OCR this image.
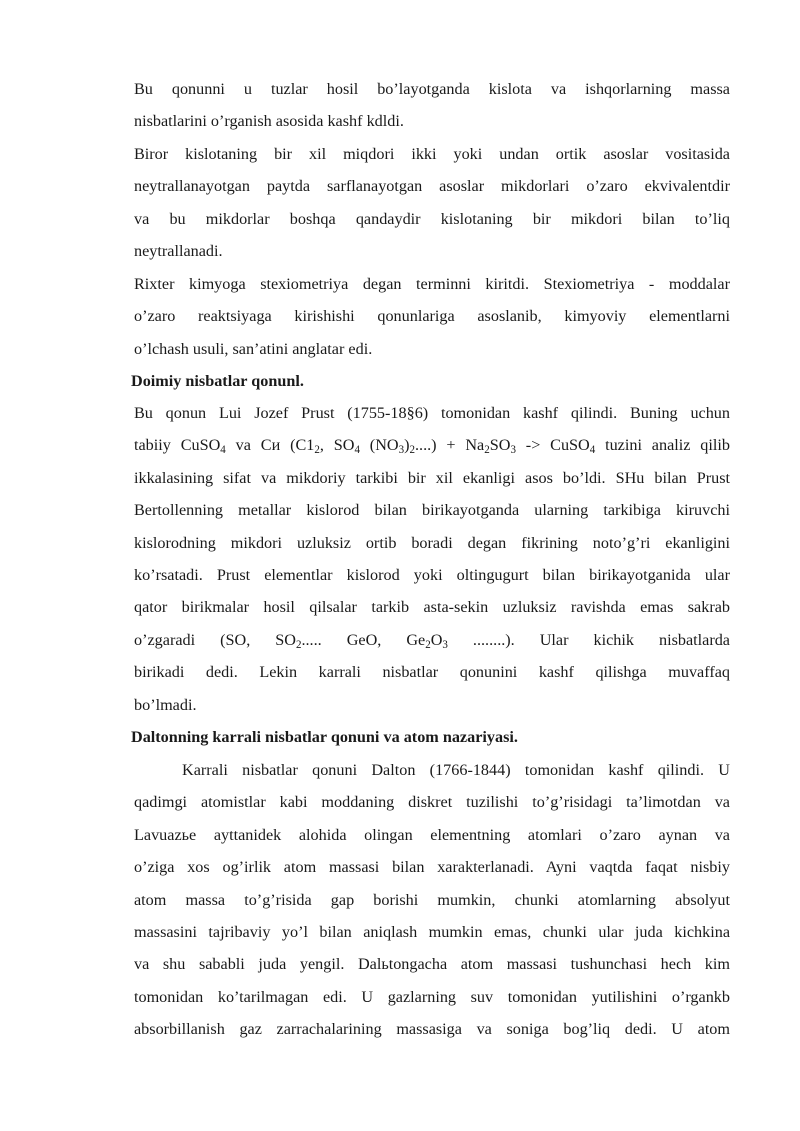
Bu qonunni u tuzlar hosil bo’layotganda kislota va ishqorlarning massa
nisbatlarini o’rganish asosida kashf kdldi.
Biror kislotaning bir xil miqdori ikki yoki undan ortik asoslar vositasida
neytrallanayotgan paytda sarflanayotgan asoslar mikdorlari o’zaro ekvivalentdir
va bu mikdorlar boshqa qandaydir kislotaning bir mikdori bilan to’liq
neytrallanadi.
Rixter kimyoga stexiometriya degan terminni kiritdi. Stexiometriya - moddalar
o’zaro reaktsiyaga kirishishi qonunlariga asoslanib, kimyoviy elementlarni
o’lchash usuli, san’atini anglatar edi.
Doimiy nisbatlar qonunl.
Bu qonun Lui Jozef Prust (1755-18§6) tomonidan kashf qilindi. Buning uchun
tabiiy CuSO$_4$ va Cи ($C1_2$, $SO_4$ $(NO_3)_2....) + Na_2SO_3$ -> CuSO$_4$ tuzini analiz qilib
ikkalasining sifat va mikdoriy tarkibi bir xil ekanligi asos bo’ldi. SHu bilan Prust
Bertollenning metallar kislorod bilan birikayotganda ularning tarkibiga kiruvchi
kislorodning mikdori uzluksiz ortib boradi degan fikrining noto’g’ri ekanligini
ko’rsatadi. Prust elementlar kislorod yoki oltingugurt bilan birikayotganida ular
qator birikmalar hosil qilsalar tarkib asta-sekin uzluksiz ravishda emas sakrab
o’zgaradi (SO, $SO_2$..... GeO, $Ge_2O_3$ ........). Ular kichik nisbatlarda
birikadi dedi. Lekin karrali nisbatlar qonunini kashf qilishga muvaffaq
bo’lmadi.
Daltonning karrali nisbatlar qonuni va atom nazariyasi.
Karrali nisbatlar qonuni Dalton (1766-1844) tomonidan kashf qilindi. U
qadimgi atomistlar kabi moddaning diskret tuzilishi to’g’risidagi ta’limotdan va
Lavuazьe ayttanidek alohida olingan elementning atomlari o’zaro aynan va
o’ziga xos og’irlik atom massasi bilan xarakterlanadi. Ayni vaqtda faqat nisbiy
atom massa to’g’risida gap borishi mumkin, chunki atomlarning absolyut
massasini tajribaviy yo’l bilan aniqlash mumkin emas, chunki ular juda kichkina
va shu sababli juda yengil. Dalьtongacha atom massasi tushunchasi hech kim
tomonidan ko’tarilmagan edi. U gazlarning suv tomonidan yutilishini o’rgankb
absorbillanish gaz zarrachalarining massasiga va soniga bog’liq dedi. U atom
